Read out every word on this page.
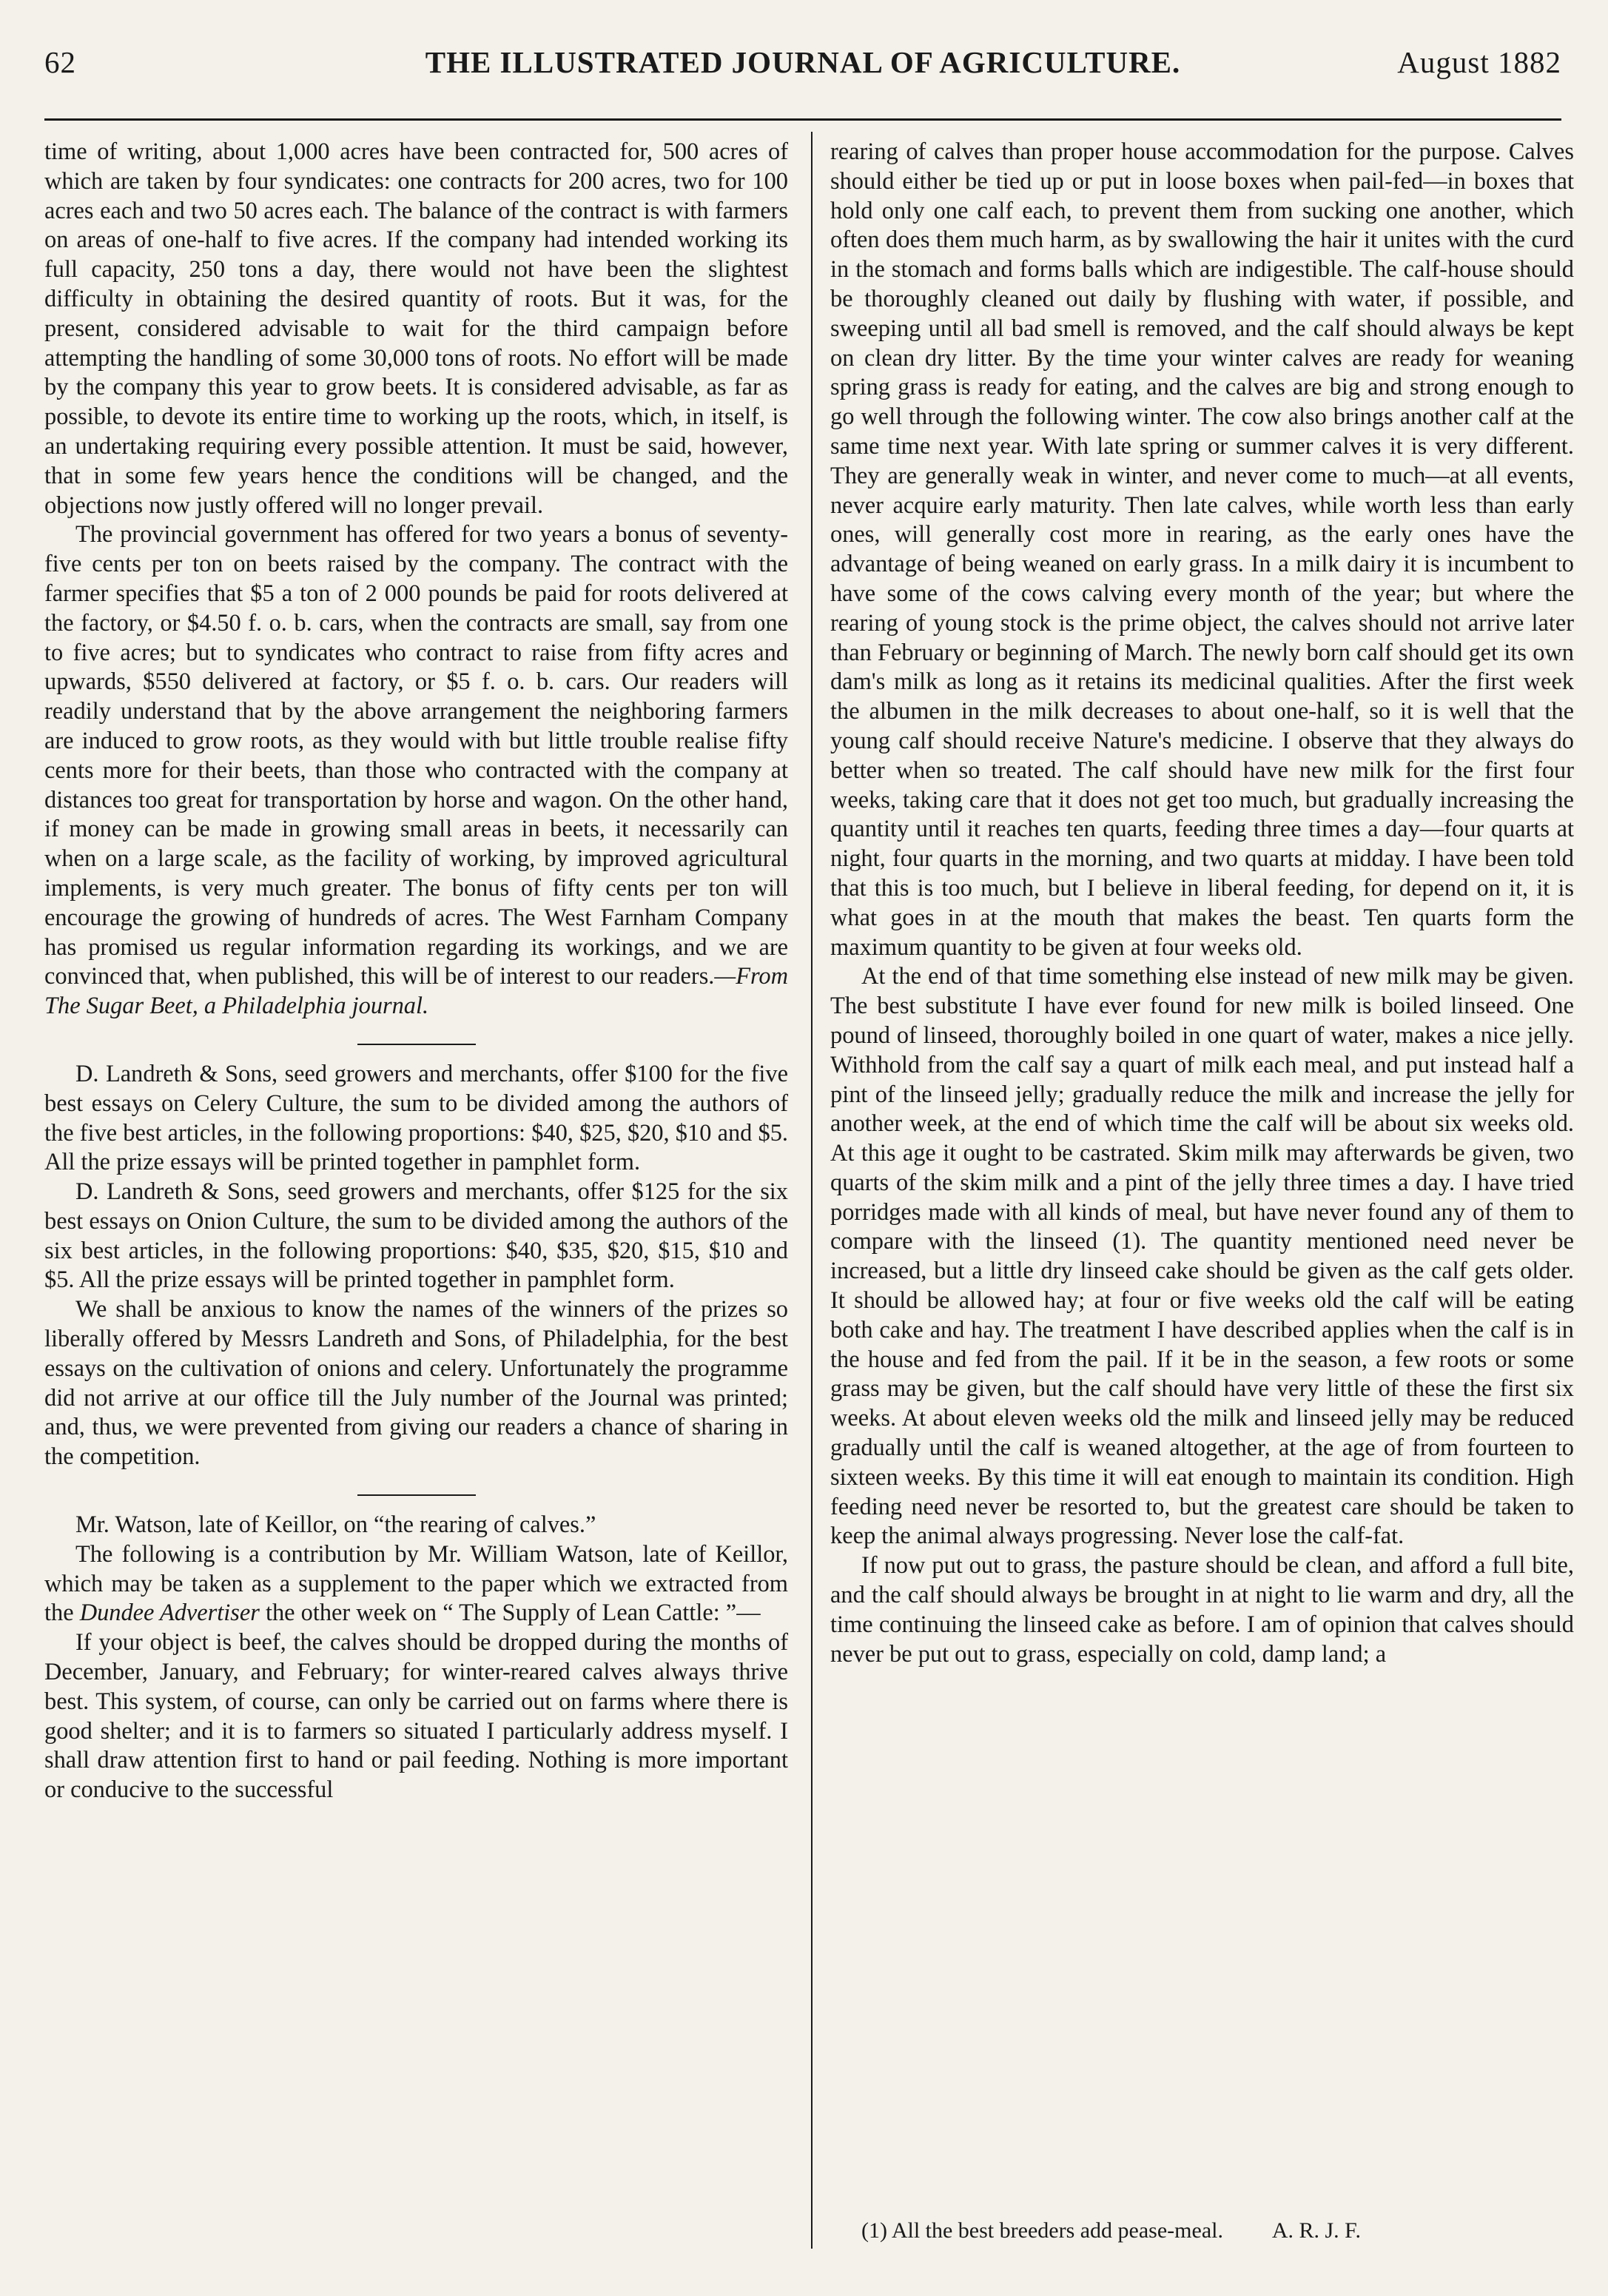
62	THE ILLUSTRATED JOURNAL OF AGRICULTURE.	August 1882

time of writing, about 1,000 acres have been contracted for, 500 acres of which are taken by four syndicates: one contracts for 200 acres, two for 100 acres each and two 50 acres each. The balance of the contract is with farmers on areas of one-half to five acres. If the company had intended working its full capacity, 250 tons a day, there would not have been the slightest difficulty in obtaining the desired quantity of roots. But it was, for the present, considered advisable to wait for the third campaign before attempting the handling of some 30,000 tons of roots. No effort will be made by the company this year to grow beets. It is considered advisable, as far as possible, to devote its entire time to working up the roots, which, in itself, is an undertaking requiring every possible attention. It must be said, however, that in some few years hence the conditions will be changed, and the objections now justly offered will no longer prevail.

The provincial government has offered for two years a bonus of seventy-five cents per ton on beets raised by the company. The contract with the farmer specifies that $5 a ton of 2 000 pounds be paid for roots delivered at the factory, or $4.50 f. o. b. cars, when the contracts are small, say from one to five acres; but to syndicates who contract to raise from fifty acres and upwards, $550 delivered at factory, or $5 f. o. b. cars. Our readers will readily understand that by the above arrangement the neighboring farmers are induced to grow roots, as they would with but little trouble realise fifty cents more for their beets, than those who contracted with the company at distances too great for transportation by horse and wagon. On the other hand, if money can be made in growing small areas in beets, it necessarily can when on a large scale, as the facility of working, by improved agricultural implements, is very much greater. The bonus of fifty cents per ton will encourage the growing of hundreds of acres. The West Farnham Company has promised us regular information regarding its workings, and we are convinced that, when published, this will be of interest to our readers.—From The Sugar Beet, a Philadelphia journal.

D. Landreth & Sons, seed growers and merchants, offer $100 for the five best essays on Celery Culture, the sum to be divided among the authors of the five best articles, in the following proportions: $40, $25, $20, $10 and $5. All the prize essays will be printed together in pamphlet form.

D. Landreth & Sons, seed growers and merchants, offer $125 for the six best essays on Onion Culture, the sum to be divided among the authors of the six best articles, in the following proportions: $40, $35, $20, $15, $10 and $5. All the prize essays will be printed together in pamphlet form.

We shall be anxious to know the names of the winners of the prizes so liberally offered by Messrs Landreth and Sons, of Philadelphia, for the best essays on the cultivation of onions and celery. Unfortunately the programme did not arrive at our office till the July number of the Journal was printed; and, thus, we were prevented from giving our readers a chance of sharing in the competition.

Mr. Watson, late of Keillor, on “the rearing of calves.”

The following is a contribution by Mr. William Watson, late of Keillor, which may be taken as a supplement to the paper which we extracted from the Dundee Advertiser the other week on “ The Supply of Lean Cattle: ”—

If your object is beef, the calves should be dropped during the months of December, January, and February; for winter-reared calves always thrive best. This system, of course, can only be carried out on farms where there is good shelter; and it is to farmers so situated I particularly address myself. I shall draw attention first to hand or pail feeding. Nothing is more important or conducive to the successful

rearing of calves than proper house accommodation for the purpose. Calves should either be tied up or put in loose boxes when pail-fed—in boxes that hold only one calf each, to prevent them from sucking one another, which often does them much harm, as by swallowing the hair it unites with the curd in the stomach and forms balls which are indigestible. The calf-house should be thoroughly cleaned out daily by flushing with water, if possible, and sweeping until all bad smell is removed, and the calf should always be kept on clean dry litter. By the time your winter calves are ready for weaning spring grass is ready for eating, and the calves are big and strong enough to go well through the following winter. The cow also brings another calf at the same time next year. With late spring or summer calves it is very different. They are generally weak in winter, and never come to much—at all events, never acquire early maturity. Then late calves, while worth less than early ones, will generally cost more in rearing, as the early ones have the advantage of being weaned on early grass. In a milk dairy it is incumbent to have some of the cows calving every month of the year; but where the rearing of young stock is the prime object, the calves should not arrive later than February or beginning of March. The newly born calf should get its own dam's milk as long as it retains its medicinal qualities. After the first week the albumen in the milk decreases to about one-half, so it is well that the young calf should receive Nature's medicine. I observe that they always do better when so treated. The calf should have new milk for the first four weeks, taking care that it does not get too much, but gradually increasing the quantity until it reaches ten quarts, feeding three times a day—four quarts at night, four quarts in the morning, and two quarts at midday. I have been told that this is too much, but I believe in liberal feeding, for depend on it, it is what goes in at the mouth that makes the beast. Ten quarts form the maximum quantity to be given at four weeks old.

At the end of that time something else instead of new milk may be given. The best substitute I have ever found for new milk is boiled linseed. One pound of linseed, thoroughly boiled in one quart of water, makes a nice jelly. Withhold from the calf say a quart of milk each meal, and put instead half a pint of the linseed jelly; gradually reduce the milk and increase the jelly for another week, at the end of which time the calf will be about six weeks old. At this age it ought to be castrated. Skim milk may afterwards be given, two quarts of the skim milk and a pint of the jelly three times a day. I have tried porridges made with all kinds of meal, but have never found any of them to compare with the linseed (1). The quantity mentioned need never be increased, but a little dry linseed cake should be given as the calf gets older. It should be allowed hay; at four or five weeks old the calf will be eating both cake and hay. The treatment I have described applies when the calf is in the house and fed from the pail. If it be in the season, a few roots or some grass may be given, but the calf should have very little of these the first six weeks. At about eleven weeks old the milk and linseed jelly may be reduced gradually until the calf is weaned altogether, at the age of from fourteen to sixteen weeks. By this time it will eat enough to maintain its condition. High feeding need never be resorted to, but the greatest care should be taken to keep the animal always progressing. Never lose the calf-fat.

If now put out to grass, the pasture should be clean, and afford a full bite, and the calf should always be brought in at night to lie warm and dry, all the time continuing the linseed cake as before. I am of opinion that calves should never be put out to grass, especially on cold, damp land; a

(1) All the best breeders add pease-meal. A. R. J. F.
